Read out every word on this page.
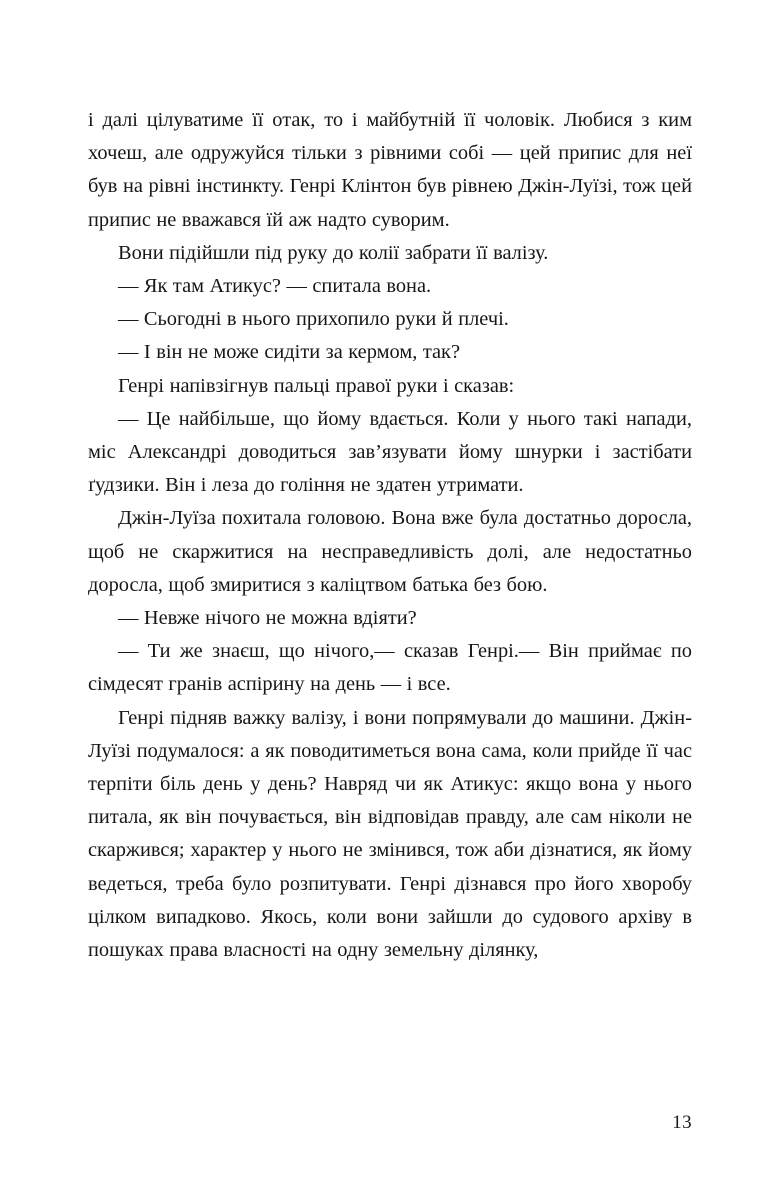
і далі цілуватиме її отак, то і майбутній її чоловік. Любися з ким хочеш, але одружуйся тільки з рівними собі — цей припис для неї був на рівні інстинкту. Генрі Клінтон був рівнею Джін-Луїзі, тож цей припис не вважався їй аж надто суворим.

Вони підійшли під руку до колії забрати її валізу.

— Як там Атикус? — спитала вона.

— Сьогодні в нього прихопило руки й плечі.

— І він не може сидіти за кермом, так?

Генрі напівзігнув пальці правої руки і сказав:

— Це найбільше, що йому вдається. Коли у нього такі напади, міс Александрі доводиться зав’язувати йому шнурки і застібати ґудзики. Він і леза до гоління не здатен утримати.

Джін-Луїза похитала головою. Вона вже була достатньо доросла, щоб не скаржитися на несправедливість долі, але недостатньо доросла, щоб змиритися з каліцтвом батька без бою.

— Невже нічого не можна вдіяти?

— Ти же знаєш, що нічого,— сказав Генрі.— Він приймає по сімдесят гранів аспірину на день — і все.

Генрі підняв важку валізу, і вони попрямували до машини. Джін-Луїзі подумалося: а як поводитиметься вона сама, коли прийде її час терпіти біль день у день? Навряд чи як Атикус: якщо вона у нього питала, як він почувається, він відповідав правду, але сам ніколи не скаржився; характер у нього не змінився, тож аби дізнатися, як йому ведеться, треба було розпитувати. Генрі дізнався про його хворобу цілком випадково. Якось, коли вони зайшли до судового архіву в пошуках права власності на одну земельну ділянку,

13
